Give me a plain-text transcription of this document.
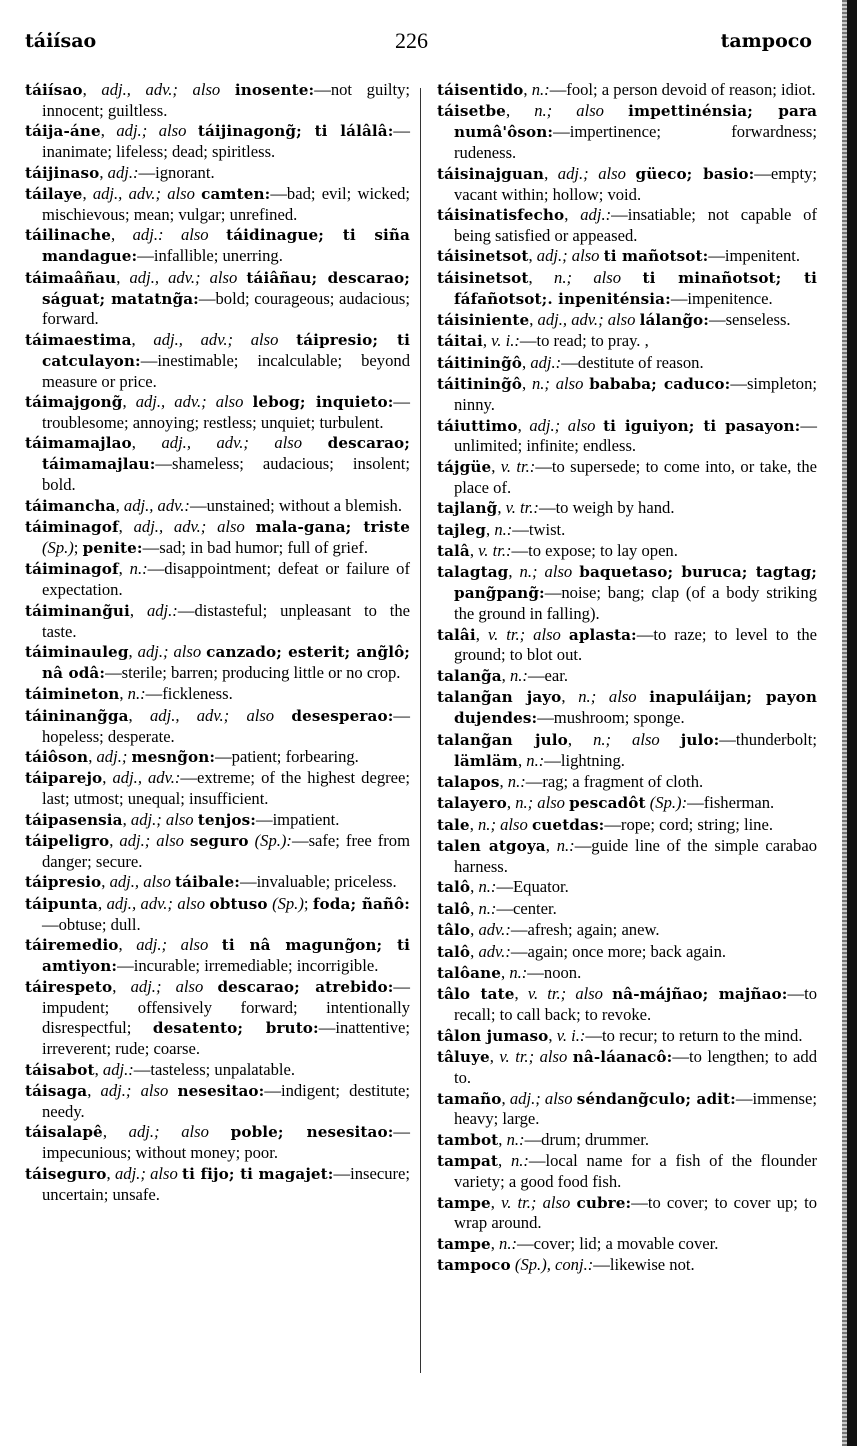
táiísao	226	tampoco
táiísao, adj., adv.; also inosente:—not guilty; innocent; guiltless.
táija-áne, adj.; also táijinagong̃; ti lálâlâ:—inanimate; lifeless; dead; spiritless.
táijinaso, adj.:—ignorant.
táilaye, adj., adv.; also camten:—bad; evil; wicked; mischievous; mean; vulgar; unrefined.
táilinache, adj.: also táidinague; ti siña mandague:—infallible; unerring.
táimaâñau, adj., adv.; also táiâñau; descarao; ságuat; matatng̃a:—bold; courageous; audacious; forward.
táimaestima, adj., adv.; also táipresio; ti catculayon:—inestimable; incalculable; beyond measure or price.
táimajgong̃, adj., adv.; also lebog; inquieto:—troublesome; annoying; restless; unquiet; turbulent.
táimamajlao, adj., adv.; also descarao; táimamajlau:—shameless; audacious; insolent; bold.
táimancha, adj., adv.:—unstained; without a blemish.
táiminagof, adj., adv.; also mala-gana; triste (Sp.); penite:—sad; in bad humor; full of grief.
táiminagof, n.:—disappointment; defeat or failure of expectation.
táiminang̃ui, adj.:—distasteful; unpleasant to the taste.
táiminauleg, adj.; also canzado; esterit; ang̃lô; nâ odâ:—sterile; barren; producing little or no crop.
táimineton, n.:—fickleness.
táininang̃ga, adj., adv.; also desesperao:—hopeless; desperate.
táiôson, adj.; mesng̃on:—patient; forbearing.
táiparejo, adj., adv.:—extreme; of the highest degree; last; utmost; unequal; insufficient.
táipasensia, adj.; also tenjos:—impatient.
táipeligro, adj.; also seguro (Sp.):—safe; free from danger; secure.
táipresio, adj., also táibale:—invaluable; priceless.
táipunta, adj., adv.; also obtuso (Sp.); foda; ñañô:—obtuse; dull.
táiremedio, adj.; also ti nâ magung̃on; ti amtiyon:—incurable; irremediable; incorrigible.
táirespeto, adj.; also descarao; atrebido:—impudent; offensively forward; intentionally disrespectful; desatento; bruto:—inattentive; irreverent; rude; coarse.
táisabot, adj.:—tasteless; unpalatable.
táisaga, adj.; also nesesitao:—indigent; destitute; needy.
táisalapê, adj.; also poble; nesesitao:—impecunious; without money; poor.
táiseguro, adj.; also ti fijo; ti magajet:—insecure; uncertain; unsafe.
táisentido, n.:—fool; a person devoid of reason; idiot.
táisetbe, n.; also impettinénsia; para numâ'ôson:—impertinence; forwardness; rudeness.
táisinajguan, adj.; also güeco; basio:—empty; vacant within; hollow; void.
táisinatisfecho, adj.:—insatiable; not capable of being satisfied or appeased.
táisinetsot, adj.; also ti mañotsot:—impenitent.
táisinetsot, n.; also ti minañotsot; ti fáfañotsot;. inpeniténsia:—impenitence.
táisiniente, adj., adv.; also lálang̃o:—senseless.
táitai, v. i.:—to read; to pray. ,
táitining̃ô, adj.:—destitute of reason.
táitining̃ô, n.; also bababa; caduco:—simpleton; ninny.
táiuttimo, adj.; also ti iguiyon; ti pasayon:—unlimited; infinite; endless.
tájgüe, v. tr.:—to supersede; to come into, or take, the place of.
tajlang̃, v. tr.:—to weigh by hand.
tajleg, n.:—twist.
talâ, v. tr.:—to expose; to lay open.
talagtag, n.; also baquetaso; buruca; tagtag; pang̃pang̃:—noise; bang; clap (of a body striking the ground in falling).
talâi, v. tr.; also aplasta:—to raze; to level to the ground; to blot out.
talang̃a, n.:—ear.
talang̃an jayo, n.; also inapuláijan; payon dujendes:—mushroom; sponge.
talang̃an julo, n.; also julo:—thunderbolt; lämläm, n.:—lightning.
talapos, n.:—rag; a fragment of cloth.
talayero, n.; also pescadôt (Sp.):—fisherman.
tale, n.; also cuetdas:—rope; cord; string; line.
talen atgoya, n.:—guide line of the simple carabao harness.
talô, n.:—Equator.
talô, n.:—center.
tâlo, adv.:—afresh; again; anew.
talô, adv.:—again; once more; back again.
talôane, n.:—noon.
tâlo tate, v. tr.; also nâ-májñao; majñao:—to recall; to call back; to revoke.
tâlon jumaso, v. i.:—to recur; to return to the mind.
tâluye, v. tr.; also nâ-láanacô:—to lengthen; to add to.
tamaño, adj.; also séndang̃culo; adit:—immense; heavy; large.
tambot, n.:—drum; drummer.
tampat, n.:—local name for a fish of the flounder variety; a good food fish.
tampe, v. tr.; also cubre:—to cover; to cover up; to wrap around.
tampe, n.:—cover; lid; a movable cover.
tampoco (Sp.), conj.:—likewise not.
